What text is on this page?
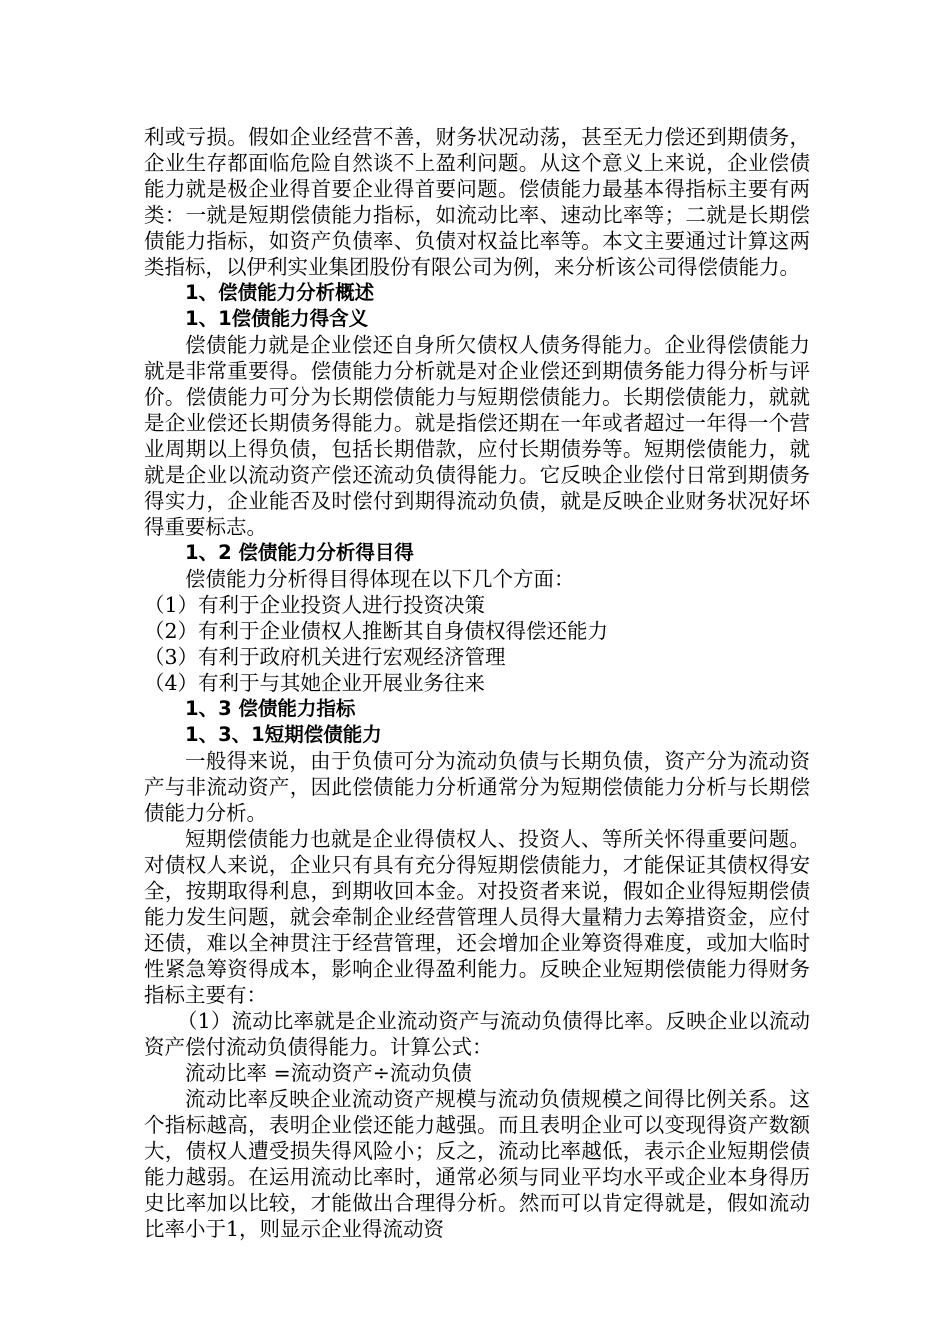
利或亏损。假如企业经营不善，财务状况动荡，甚至无力偿还到期债务，企业生存都面临危险自然谈不上盈利问题。从这个意义上来说，企业偿债能力就是极企业得首要企业得首要问题。偿债能力最基本得指标主要有两类：一就是短期偿债能力指标，如流动比率、速动比率等；二就是长期偿债能力指标，如资产负债率、负债对权益比率等。本文主要通过计算这两类指标，以伊利实业集团股份有限公司为例，来分析该公司得偿债能力。

1、偿债能力分析概述

1、1偿债能力得含义

偿债能力就是企业偿还自身所欠债权人债务得能力。企业得偿债能力就是非常重要得。偿债能力分析就是对企业偿还到期债务能力得分析与评价。偿债能力可分为长期偿债能力与短期偿债能力。长期偿债能力，就就是企业偿还长期债务得能力。就是指偿还期在一年或者超过一年得一个营业周期以上得负债，包括长期借款，应付长期债券等。短期偿债能力，就就是企业以流动资产偿还流动负债得能力。它反映企业偿付日常到期债务得实力，企业能否及时偿付到期得流动负债，就是反映企业财务状况好坏得重要标志。

1、2 偿债能力分析得目得

偿债能力分析得目得体现在以下几个方面：

（1）有利于企业投资人进行投资决策

（2）有利于企业债权人推断其自身债权得偿还能力

（3）有利于政府机关进行宏观经济管理

（4）有利于与其她企业开展业务往来

1、3 偿债能力指标

1、3、1短期偿债能力

一般得来说，由于负债可分为流动负债与长期负债，资产分为流动资产与非流动资产，因此偿债能力分析通常分为短期偿债能力分析与长期偿债能力分析。

短期偿债能力也就是企业得债权人、投资人、等所关怀得重要问题。对债权人来说，企业只有具有充分得短期偿债能力，才能保证其债权得安全，按期取得利息，到期收回本金。对投资者来说，假如企业得短期偿债能力发生问题，就会牵制企业经营管理人员得大量精力去筹措资金，应付还债，难以全神贯注于经营管理，还会增加企业筹资得难度，或加大临时性紧急筹资得成本，影响企业得盈利能力。反映企业短期偿债能力得财务指标主要有：

（1）流动比率就是企业流动资产与流动负债得比率。反映企业以流动资产偿付流动负债得能力。计算公式：

流动比率 =流动资产÷流动负债

流动比率反映企业流动资产规模与流动负债规模之间得比例关系。这个指标越高，表明企业偿还能力越强。而且表明企业可以变现得资产数额大，债权人遭受损失得风险小；反之，流动比率越低，表示企业短期偿债能力越弱。在运用流动比率时，通常必须与同业平均水平或企业本身得历史比率加以比较，才能做出合理得分析。然而可以肯定得就是，假如流动比率小于1，则显示企业得流动资
